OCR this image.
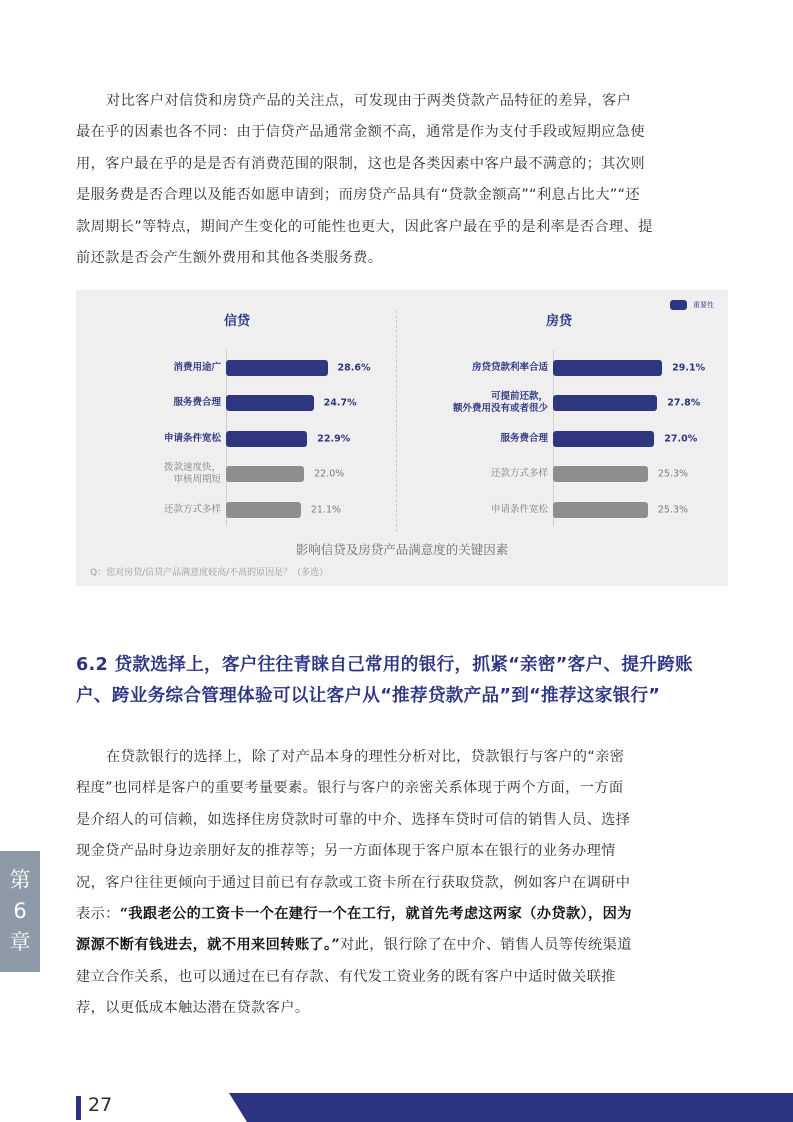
对比客户对信贷和房贷产品的关注点，可发现由于两类贷款产品特征的差异，客户
最在乎的因素也各不同：由于信贷产品通常金额不高，通常是作为支付手段或短期应急使
用，客户最在乎的是是否有消费范围的限制，这也是各类因素中客户最不满意的；其次则
是服务费是否合理以及能否如愿申请到；而房贷产品具有“贷款金额高”“利息占比大”“还
款周期长”等特点，期间产生变化的可能性也更大，因此客户最在乎的是利率是否合理、提
前还款是否会产生额外费用和其他各类服务费。
重要性
信贷	房贷
消费用途广	28.6%
服务费合理	24.7%
申请条件宽松	22.9%
拨款速度快，
审核周期短	22.0%
还款方式多样	21.1%
房贷贷款利率合适	29.1%
可提前还款，
额外费用没有或者很少	27.8%
服务费合理	27.0%
还款方式多样	25.3%
申请条件宽松	25.3%
影响信贷及房贷产品满意度的关键因素
Q：您对房贷/信贷产品满意度较高/不高的原因是？（多选）
6.2 贷款选择上，客户往往青睐自己常用的银行，抓紧“亲密”客户、提升跨账
户、跨业务综合管理体验可以让客户从“推荐贷款产品”到“推荐这家银行”
在贷款银行的选择上，除了对产品本身的理性分析对比，贷款银行与客户的“亲密
程度”也同样是客户的重要考量要素。银行与客户的亲密关系体现于两个方面，一方面
是介绍人的可信赖，如选择住房贷款时可靠的中介、选择车贷时可信的销售人员、选择
现金贷产品时身边亲朋好友的推荐等；另一方面体现于客户原本在银行的业务办理情
况，客户往往更倾向于通过目前已有存款或工资卡所在行获取贷款，例如客户在调研中
表示：“我跟老公的工资卡一个在建行一个在工行，就首先考虑这两家（办贷款），因为
源源不断有钱进去，就不用来回转账了。”对此，银行除了在中介、销售人员等传统渠道
建立合作关系，也可以通过在已有存款、有代发工资业务的既有客户中适时做关联推
荐，以更低成本触达潜在贷款客户。
第
6
章
27
